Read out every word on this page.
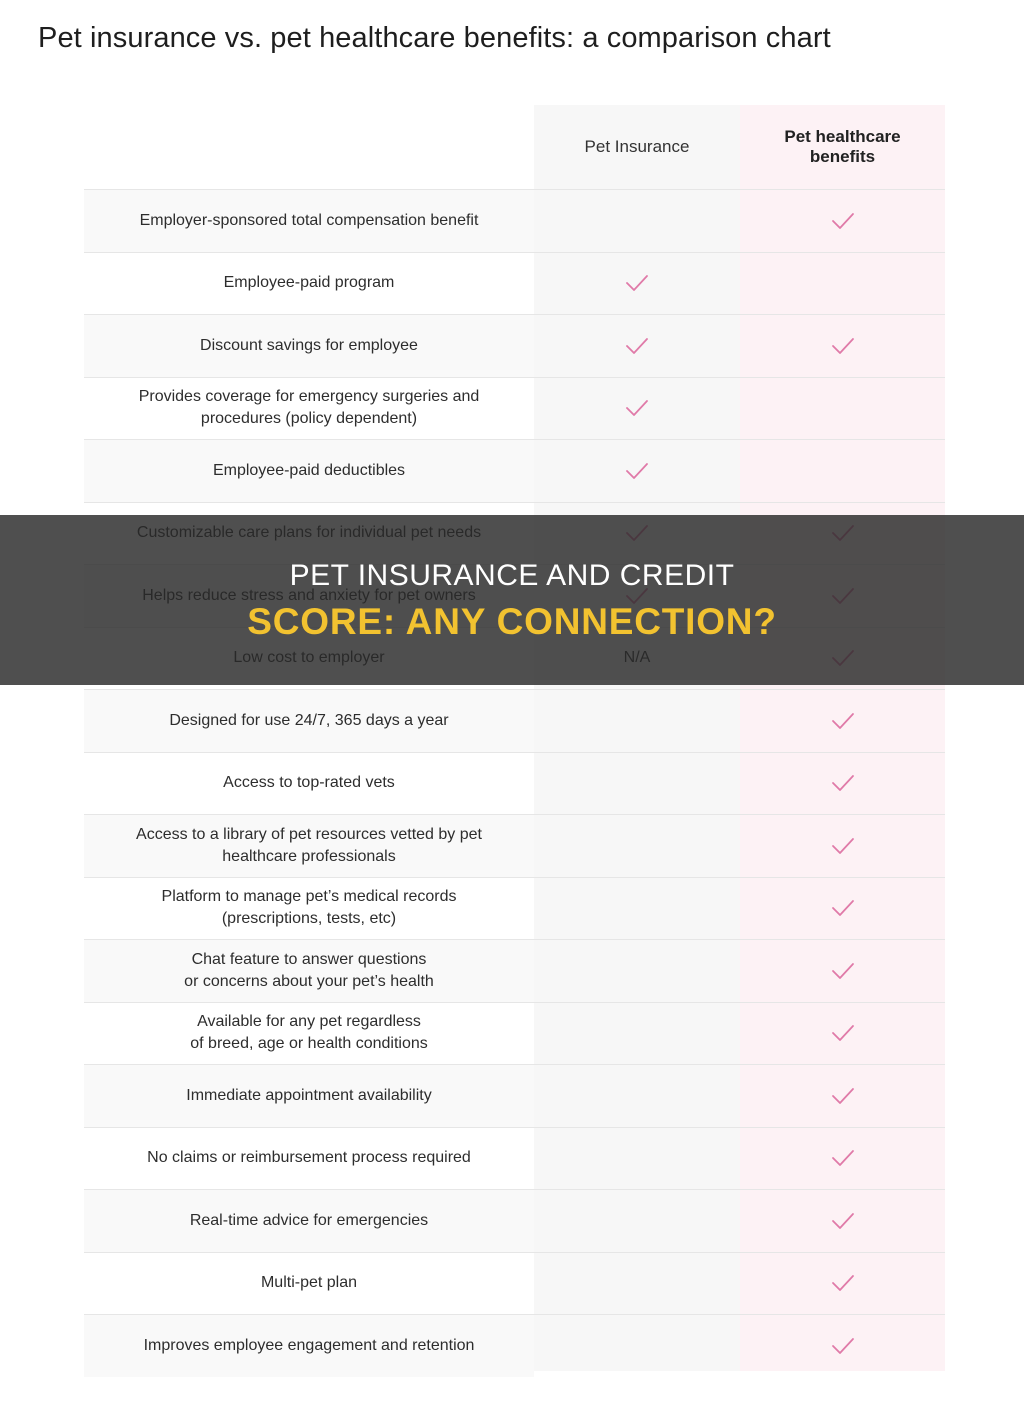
Pet insurance vs. pet healthcare benefits: a comparison chart
Pet Insurance
Pet healthcare
benefits
Employer-sponsored total compensation benefit
Employee-paid program
Discount savings for employee
Provides coverage for emergency surgeries and
procedures (policy dependent)
Employee-paid deductibles
Designed for use 24/7, 365 days a year
Access to top-rated vets
Access to a library of pet resources vetted by pet
healthcare professionals
Platform to manage pet’s medical records
(prescriptions, tests, etc)
Chat feature to answer questions
or concerns about your pet’s health
Available for any pet regardless
of breed, age or health conditions
Immediate appointment availability
No claims or reimbursement process required
Real-time advice for emergencies
Multi-pet plan
Improves employee engagement and retention
PET INSURANCE AND CREDIT
SCORE: ANY CONNECTION?
